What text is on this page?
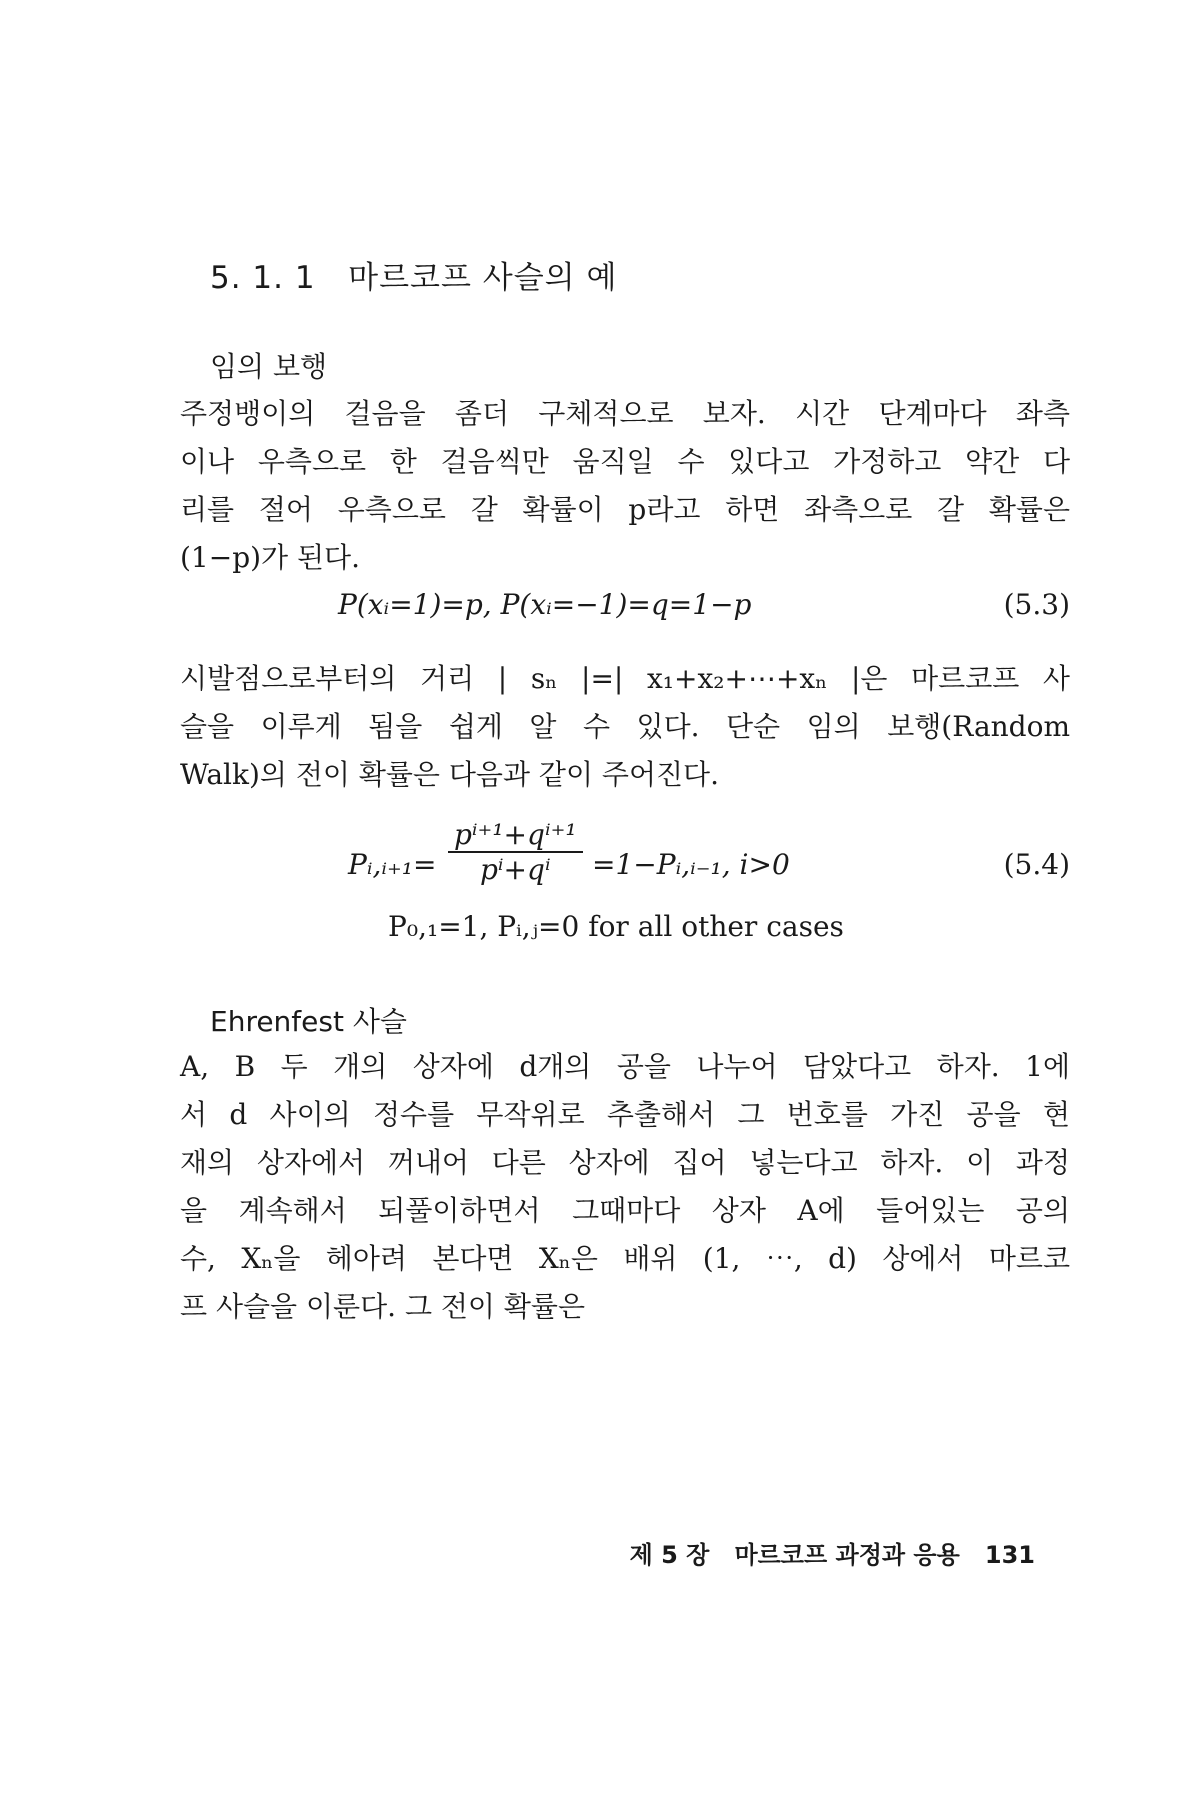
5. 1. 1 마르코프 사슬의 예
임의 보행
주정뱅이의 걸음을 좀더 구체적으로 보자. 시간 단계마다 좌측
이나 우측으로 한 걸음씩만 움직일 수 있다고 가정하고 약간 다
리를 절어 우측으로 갈 확률이 p라고 하면 좌측으로 갈 확률은
(1−p)가 된다.
P(xᵢ=1)=p, P(xᵢ=−1)=q=1−p	(5.3)
시발점으로부터의 거리 | sₙ |=| x₁+x₂+⋯+xₙ |은 마르코프 사
슬을 이루게 됨을 쉽게 알 수 있다. 단순 임의 보행(Random
Walk)의 전이 확률은 다음과 같이 주어진다.
Pᵢ,ᵢ₊₁=
pⁱ⁺¹+qⁱ⁺¹
pⁱ+qⁱ	=1−Pᵢ,ᵢ₋₁, i>0	(5.4)
P₀,₁=1, Pᵢ,ⱼ=0 for all other cases
Ehrenfest 사슬
A, B 두 개의 상자에 d개의 공을 나누어 담았다고 하자. 1에
서 d 사이의 정수를 무작위로 추출해서 그 번호를 가진 공을 현
재의 상자에서 꺼내어 다른 상자에 집어 넣는다고 하자. 이 과정
을 계속해서 되풀이하면서 그때마다 상자 A에 들어있는 공의
수, Xₙ을 헤아려 본다면 Xₙ은 배위 (1, ⋯, d) 상에서 마르코
프 사슬을 이룬다. 그 전이 확률은
제 5 장 마르코프 과정과 응용 131
